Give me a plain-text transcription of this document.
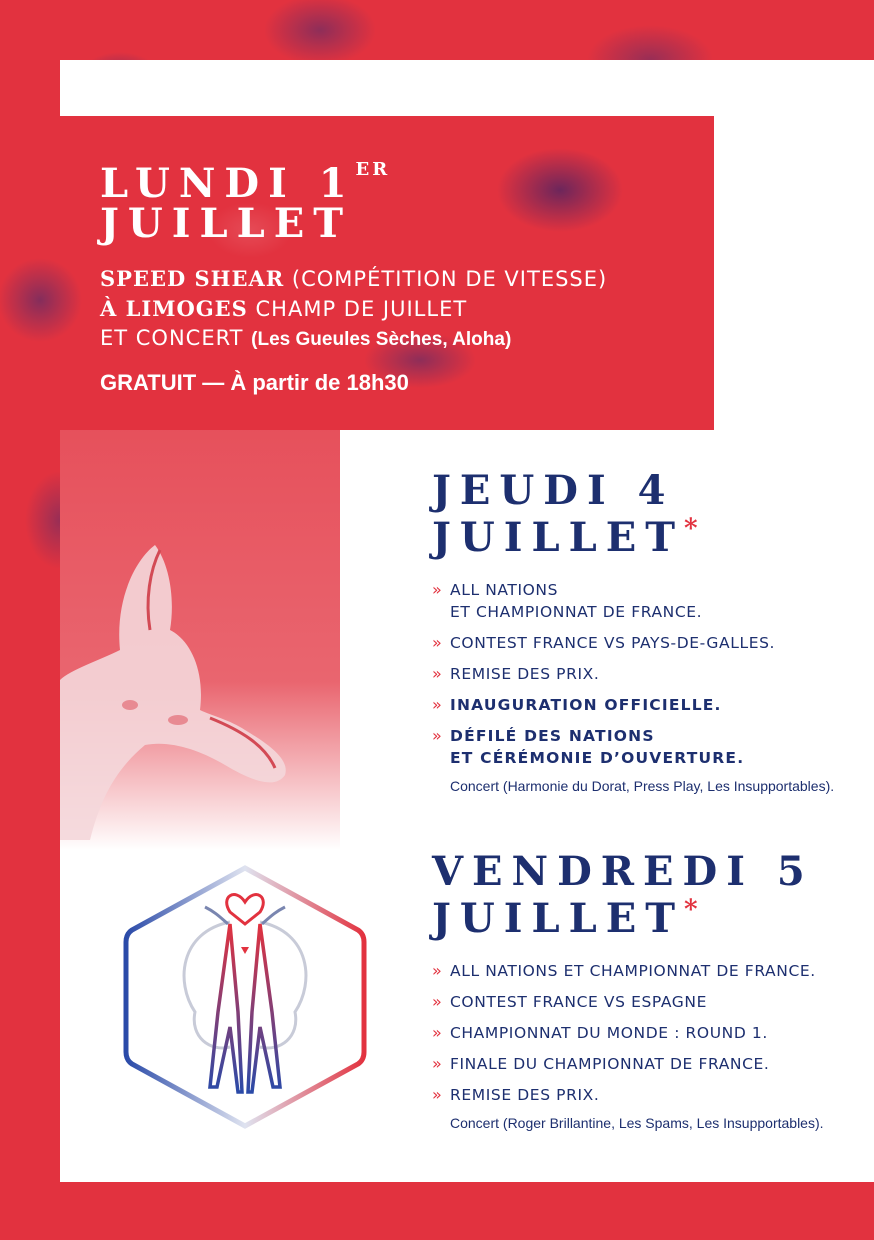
LUNDI 1ER
JUILLET
SPEED SHEAR (COMPÉTITION DE VITESSE)
À LIMOGES CHAMP DE JUILLET
ET CONCERT (Les Gueules Sèches, Aloha)
GRATUIT — À partir de 18h30
JEUDI 4
JUILLET*
» ALL NATIONS
ET CHAMPIONNAT DE FRANCE.
» CONTEST FRANCE VS PAYS-DE-GALLES.
» REMISE DES PRIX.
» INAUGURATION OFFICIELLE.
» DÉFILÉ DES NATIONS
ET CÉRÉMONIE D’OUVERTURE.
Concert (Harmonie du Dorat, Press Play, Les Insupportables).
VENDREDI 5
JUILLET*
» ALL NATIONS ET CHAMPIONNAT DE FRANCE.
» CONTEST FRANCE VS ESPAGNE
» CHAMPIONNAT DU MONDE : ROUND 1.
» FINALE DU CHAMPIONNAT DE FRANCE.
» REMISE DES PRIX.
Concert (Roger Brillantine, Les Spams, Les Insupportables).
